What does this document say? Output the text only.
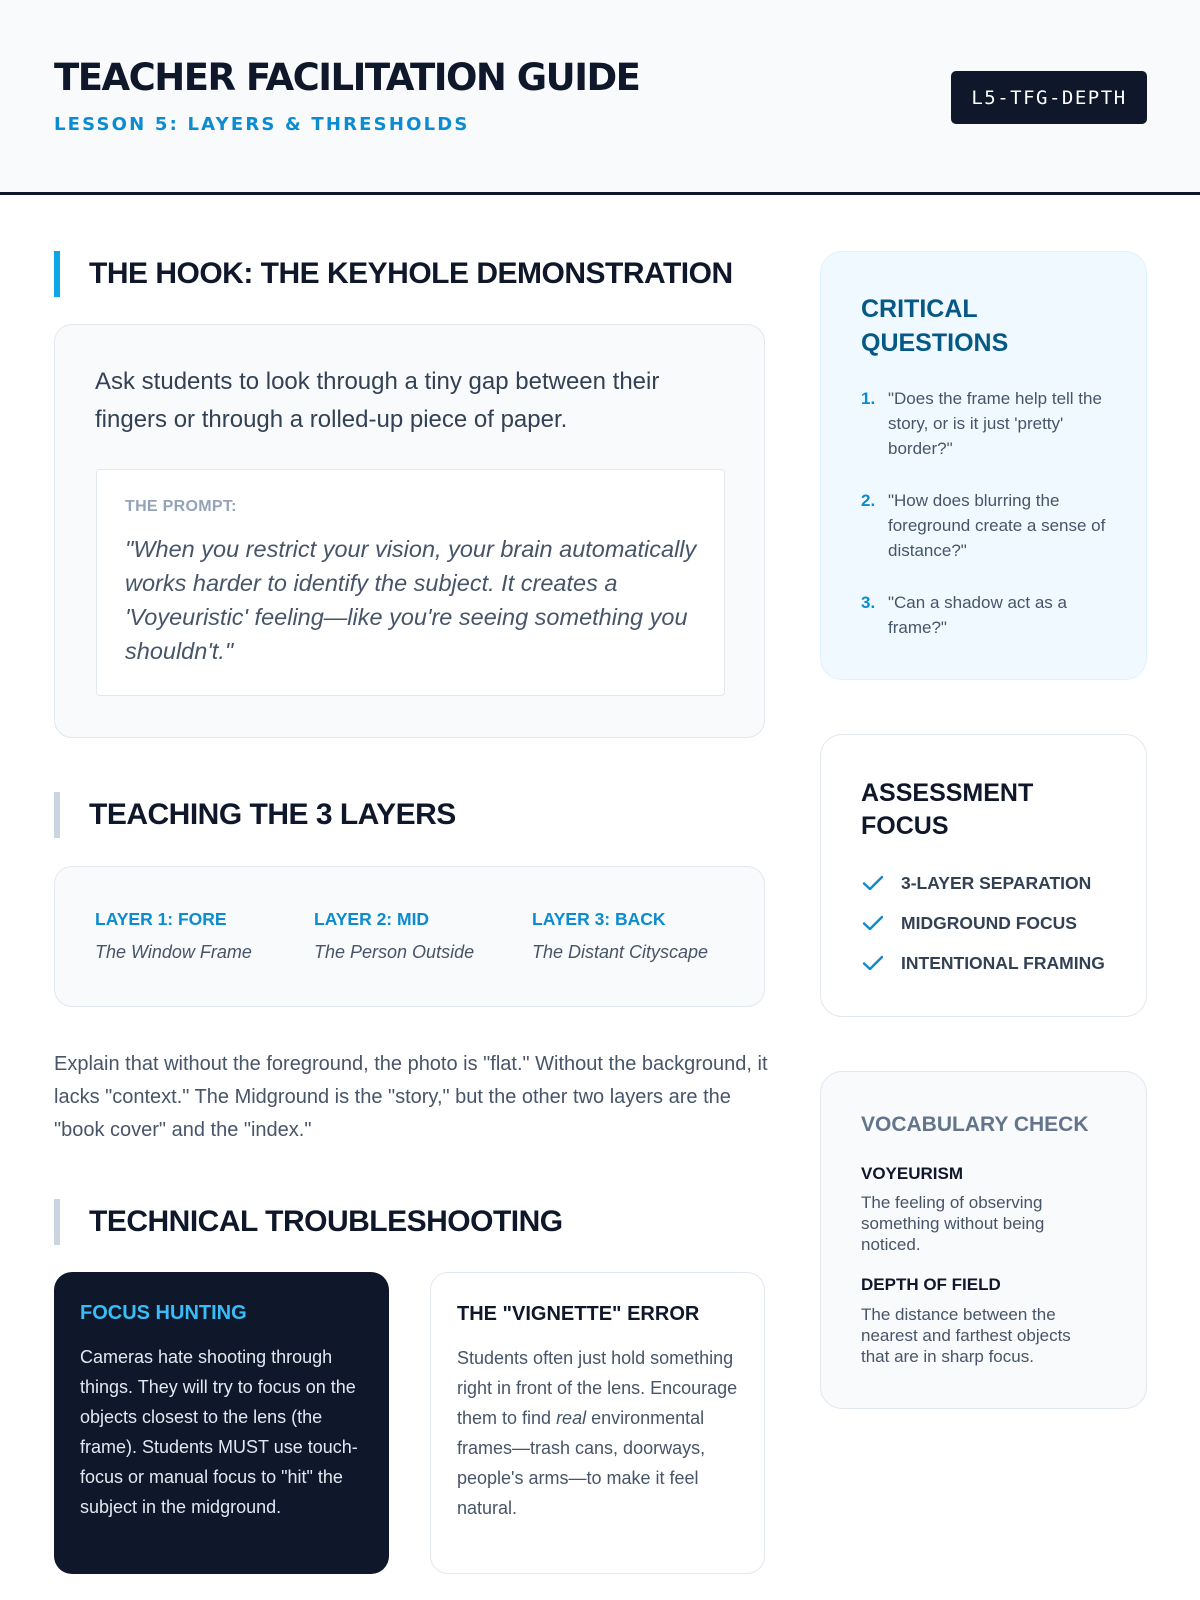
TEACHER FACILITATION GUIDE
LESSON 5: LAYERS & THRESHOLDS
L5-TFG-DEPTH
THE HOOK: THE KEYHOLE DEMONSTRATION
Ask students to look through a tiny gap between their fingers or through a rolled-up piece of paper.
THE PROMPT:
"When you restrict your vision, your brain automatically works harder to identify the subject. It creates a 'Voyeuristic' feeling—like you're seeing something you shouldn't."
TEACHING THE 3 LAYERS
LAYER 1: FORE
The Window Frame
LAYER 2: MID
The Person Outside
LAYER 3: BACK
The Distant Cityscape
Explain that without the foreground, the photo is "flat." Without the background, it lacks "context." The Midground is the "story," but the other two layers are the "book cover" and the "index."
TECHNICAL TROUBLESHOOTING
FOCUS HUNTING
Cameras hate shooting through things. They will try to focus on the objects closest to the lens (the frame). Students MUST use touch-focus or manual focus to "hit" the subject in the midground.
THE "VIGNETTE" ERROR
Students often just hold something right in front of the lens. Encourage them to find real environmental frames—trash cans, doorways, people's arms—to make it feel natural.
CRITICAL QUESTIONS
1. "Does the frame help tell the story, or is it just 'pretty' border?"
2. "How does blurring the foreground create a sense of distance?"
3. "Can a shadow act as a frame?"
ASSESSMENT FOCUS
3-LAYER SEPARATION
MIDGROUND FOCUS
INTENTIONAL FRAMING
VOCABULARY CHECK
VOYEURISM
The feeling of observing something without being noticed.
DEPTH OF FIELD
The distance between the nearest and farthest objects that are in sharp focus.
